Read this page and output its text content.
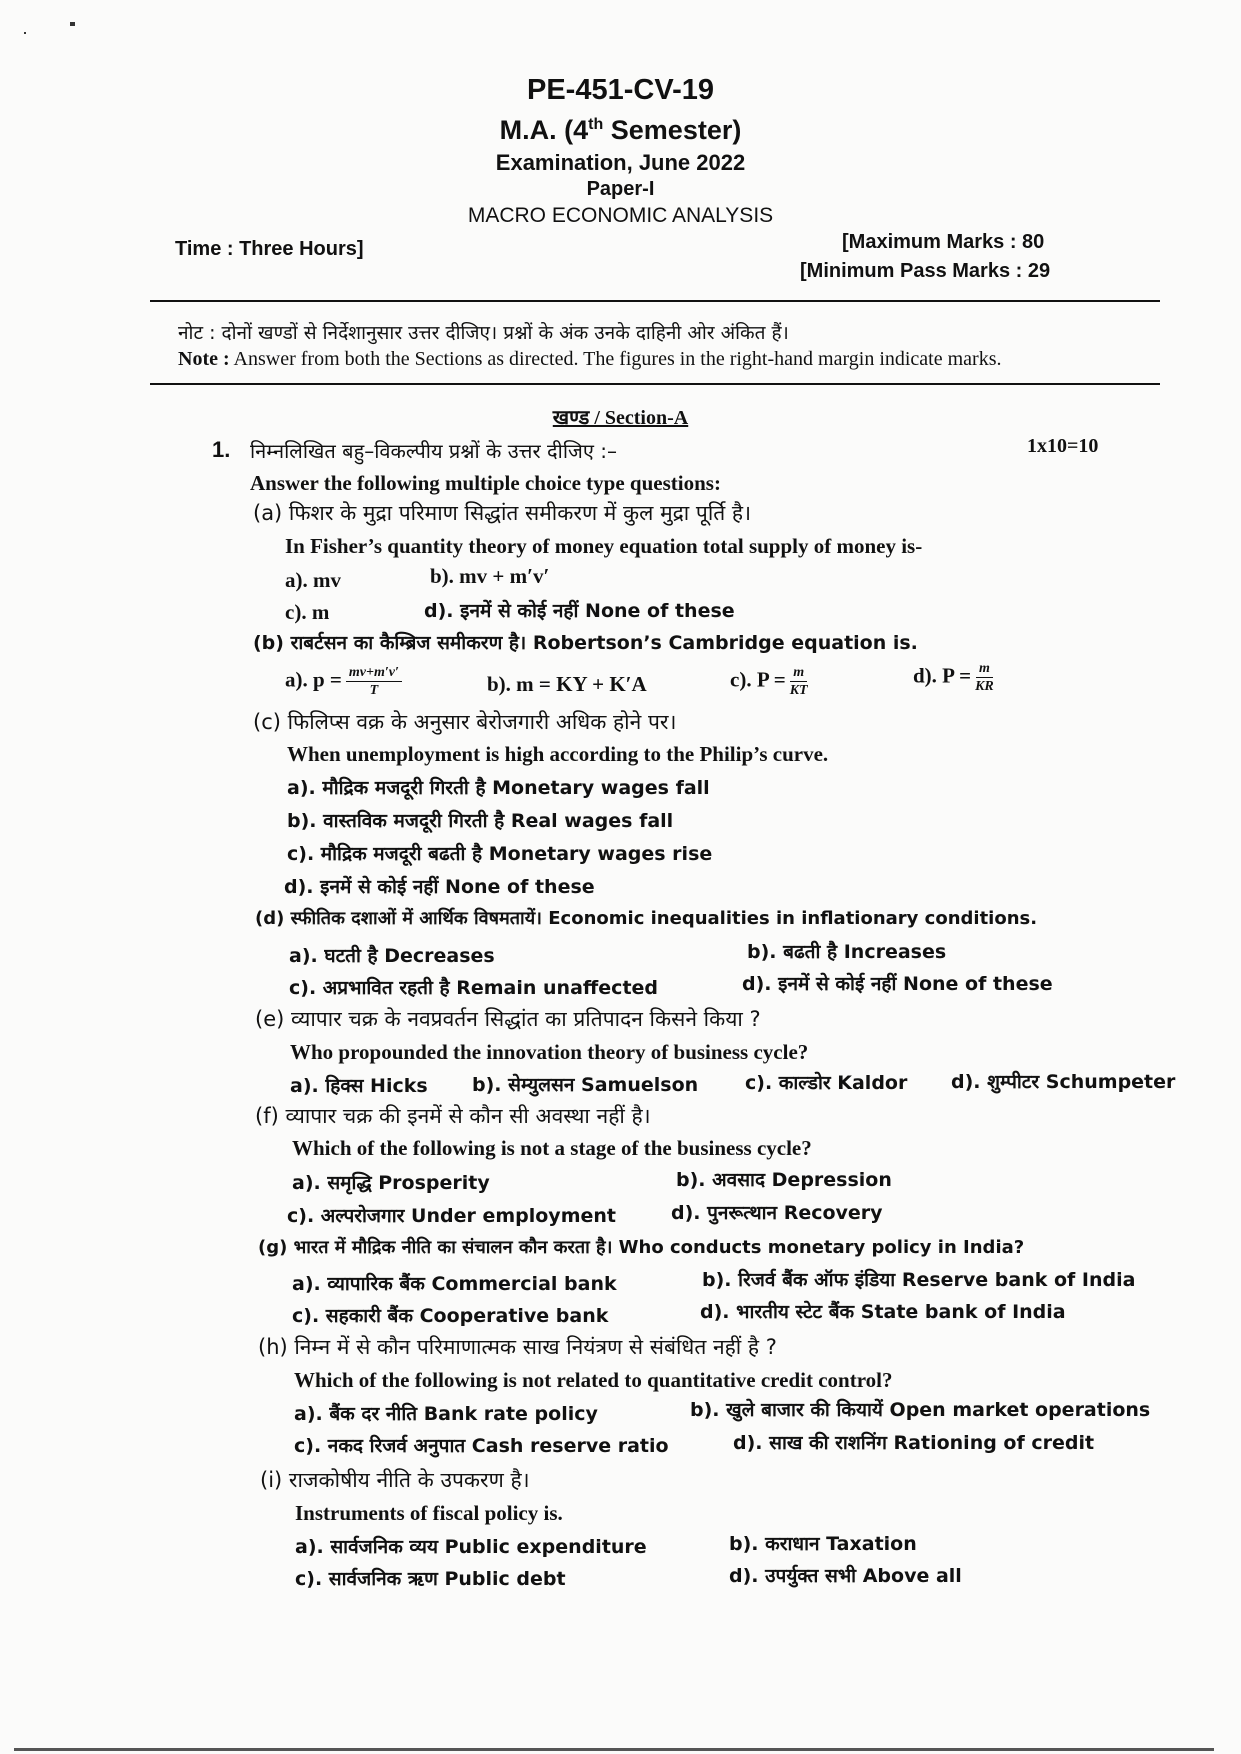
PE-451-CV-19
M.A. (4th Semester)
Examination, June 2022
Paper-I
MACRO ECONOMIC ANALYSIS
Time : Three Hours]	[Maximum Marks : 80
[Minimum Pass Marks : 29
नोट : दोनों खण्डों से निर्देशानुसार उत्तर दीजिए। प्रश्नों के अंक उनके दाहिनी ओर अंकित हैं।
Note : Answer from both the Sections as directed. The figures in the right-hand margin indicate marks.
खण्ड / Section-A
1. निम्नलिखित बहु–विकल्पीय प्रश्नों के उत्तर दीजिए :–	1x10=10
Answer the following multiple choice type questions:
(a) फिशर के मुद्रा परिमाण सिद्धांत समीकरण में कुल मुद्रा पूर्ति है।
In Fisher’s quantity theory of money equation total supply of money is-
a). mv	b). mv + m′v′
c). m	d). इनमें से कोई नहीं None of these
(b) राबर्टसन का कैम्ब्रिज समीकरण है। Robertson’s Cambridge equation is.
a). $p = \frac{mv+m'v'}{T}$	b). m = KY + K′A	c). $P = \frac{m}{KT}$	d). $P = \frac{m}{KR}$
(c) फिलिप्स वक्र के अनुसार बेरोजगारी अधिक होने पर।
When unemployment is high according to the Philip’s curve.
a). मौद्रिक मजदूरी गिरती है Monetary wages fall
b). वास्तविक मजदूरी गिरती है Real wages fall
c). मौद्रिक मजदूरी बढती है Monetary wages rise
d). इनमें से कोई नहीं None of these
(d) स्फीतिक दशाओं में आर्थिक विषमतायें। Economic inequalities in inflationary conditions.
a). घटती है Decreases	b). बढती है Increases
c). अप्रभावित रहती है Remain unaffected	d). इनमें से कोई नहीं None of these
(e) व्यापार चक्र के नवप्रवर्तन सिद्धांत का प्रतिपादन किसने किया ?
Who propounded the innovation theory of business cycle?
a). हिक्स Hicks b). सेम्युलसन Samuelson c). काल्डोर Kaldor d). शुम्पीटर Schumpeter
(f) व्यापार चक्र की इनमें से कौन सी अवस्था नहीं है।
Which of the following is not a stage of the business cycle?
a). समृद्धि Prosperity	b). अवसाद Depression
c). अल्परोजगार Under employment	d). पुनरूत्थान Recovery
(g) भारत में मौद्रिक नीति का संचालन कौन करता है। Who conducts monetary policy in India?
a). व्यापारिक बैंक Commercial bank	b). रिजर्व बैंक ऑफ इंडिया Reserve bank of India
c). सहकारी बैंक Cooperative bank	d). भारतीय स्टेट बैंक State bank of India
(h) निम्न में से कौन परिमाणात्मक साख नियंत्रण से संबंधित नहीं है ?
Which of the following is not related to quantitative credit control?
a). बैंक दर नीति Bank rate policy	b). खुले बाजार की कियायें Open market operations
c). नकद रिजर्व अनुपात Cash reserve ratio	d). साख की राशनिंग Rationing of credit
(i) राजकोषीय नीति के उपकरण है।
Instruments of fiscal policy is.
a). सार्वजनिक व्यय Public expenditure	b). कराधान Taxation
c). सार्वजनिक ऋण Public debt	d). उपर्युक्त सभी Above all
